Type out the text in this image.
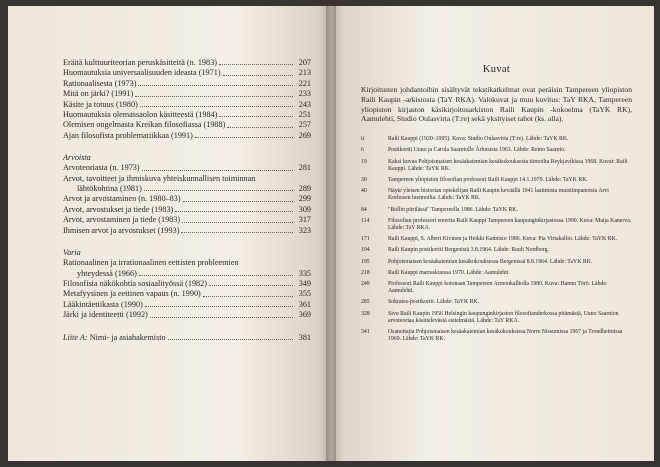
Eräitä kulttuuriteorian peruskäsitteitä (n. 1983)	207
Huomautuksia universaalisuuden ideasta (1971)	213
Rationaalisesta (1973)	221
Mitä on järki? (1991)	233
Käsite ja totuus (1980)	243
Huomautuksia olemassaolon käsitteestä (1984)	251
Olemisen ongelmasta Kreikan filosofiassa (1988)	257
Ajan filosofista problematiikkaa (1991)	269
Arvoista
Arvoteoriasta (n. 1973)	281
Arvot, tavoitteet ja ihmiskuva yhteiskunnallisen toiminnan
lähtökohtina (1981)	289
Arvot ja arvostaminen (n. 1980–83)	299
Arvot, arvostukset ja tiede (1983)	309
Arvot, arvostaminen ja tiede (1983)	317
Ihmisen arvot ja arvostukset (1993)	323
Varia
Rationaalinen ja irrationaalinen eettisten probleemien
yhteydessä (1966)	335
Filosofisia näkökohtia sosiaalityössä (1982)	349
Metafyysinen ja eettinen vapaus (n. 1990)	355
Lääkintäetiikasta (1990)	361
Järki ja identiteetti (1992)	369
Liite A: Nimi- ja asiahakemisto	381
Kuvat

Kirjoitusten johdantoihin sisältyvät tekstikatkelmat ovat peräisin Tampereen yliopiston Raili Kaupin -arkistosta (TaY RKA). Valokuvat ja muu kuvitus: TaY RKA, Tampereen yliopiston kirjaston käsikirjoitusarkiston Raili Kaupin -kokoelma (TaYK RK), Aamulehti, Studio Oulasvirta (T:re) sekä yksityiset tahot (ks. alla).

ii	Raili Kauppi (1920–1995). Kuva: Studio Oulasvirta (T:re). Lähde: TaYK RK.
6	Postikortti Uuno ja Carola Saarniolle Århusista 1963. Lähde: Reino Saarnio.
19	Kaksi kuvaa Pohjoismaisen kesäakatemian kesäkokouksesta tiimoilta Reykjavíkissa 1968. Kuvat: Raili Kauppi. Lähde: TaYK RK.
30	Tampereen yliopiston filosofian professori Raili Kauppi 14.1.1970. Lähde: TaYK RK.
40	Näyte yleisen historian opiskelijan Raili Kaupin keväällä 1941 laatimista muistiinpanoista Arvi Korhosen luennoilta. Lähde: TaYK RK.
84	"Bollin piirilässä" Tampereella 1986. Lähde: TaYK RK.
114	Filosofian professori emerita Raili Kauppi Tampereen kaupunginkirjastossa 1990. Kuva: Maija Kanerva. Lähde: TaY RKA.
171	Raili Kauppi, S. Albert Kivinen ja Heikki Kannisto 1986. Kuva: Pia Virtakallio. Lähde: TaYK RK.
194	Raili Kaupin postikortti Bergenistä 3.8.1964. Lähde: Rauli Nordberg.
195	Pohjoismaisen kesäakatemian kesäkokouksessa Bergenissä 8.8.1964. Lähde: TaYK RK.
218	Raili Kauppi marraskuussa 1970. Lähde: Aamulehti.
249	Professori Raili Kauppi kotonaan Tampereen Armonkalliolla 1980. Kuva: Hannu Törö. Lähde: Aamulehti.
285	Sokrates-postikortti. Lähde: TaYK RK.
328	Sivu Raili Kaupin 1956 Helsingin kaupunginkirjaston filosofianderkossa pitämästä, Uuno Saarnion arvoteoriaa käsittelevästä esitelmästä. Lähde: TaY RKA.
341	Osanottajia Pohjoismaisen kesäakatemian kesäkokouksissa Norre Nissumissa 1967 ja Trondheimissa 1969. Lähde: TaYK RK.
